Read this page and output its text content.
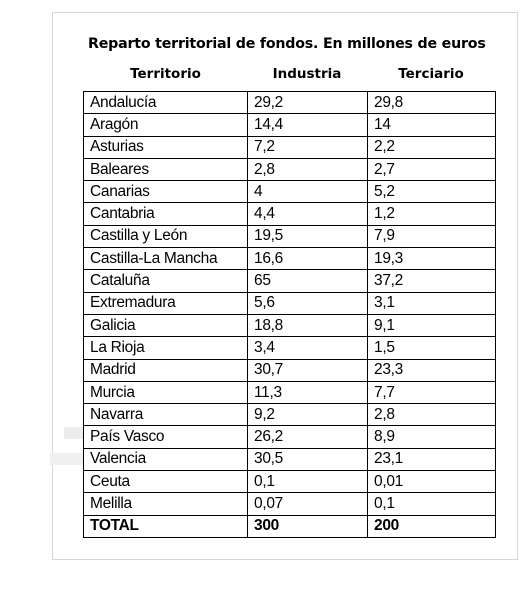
Reparto territorial de fondos. En millones de euros
Territorio	Industria	Terciario
Andalucía	29,2	29,8
Aragón	14,4	14
Asturias	7,2	2,2
Baleares	2,8	2,7
Canarias	4	5,2
Cantabria	4,4	1,2
Castilla y León	19,5	7,9
Castilla-La Mancha	16,6	19,3
Cataluña	65	37,2
Extremadura	5,6	3,1
Galicia	18,8	9,1
La Rioja	3,4	1,5
Madrid	30,7	23,3
Murcia	11,3	7,7
Navarra	9,2	2,8
País Vasco	26,2	8,9
Valencia	30,5	23,1
Ceuta	0,1	0,01
Melilla	0,07	0,1
TOTAL	300	200
